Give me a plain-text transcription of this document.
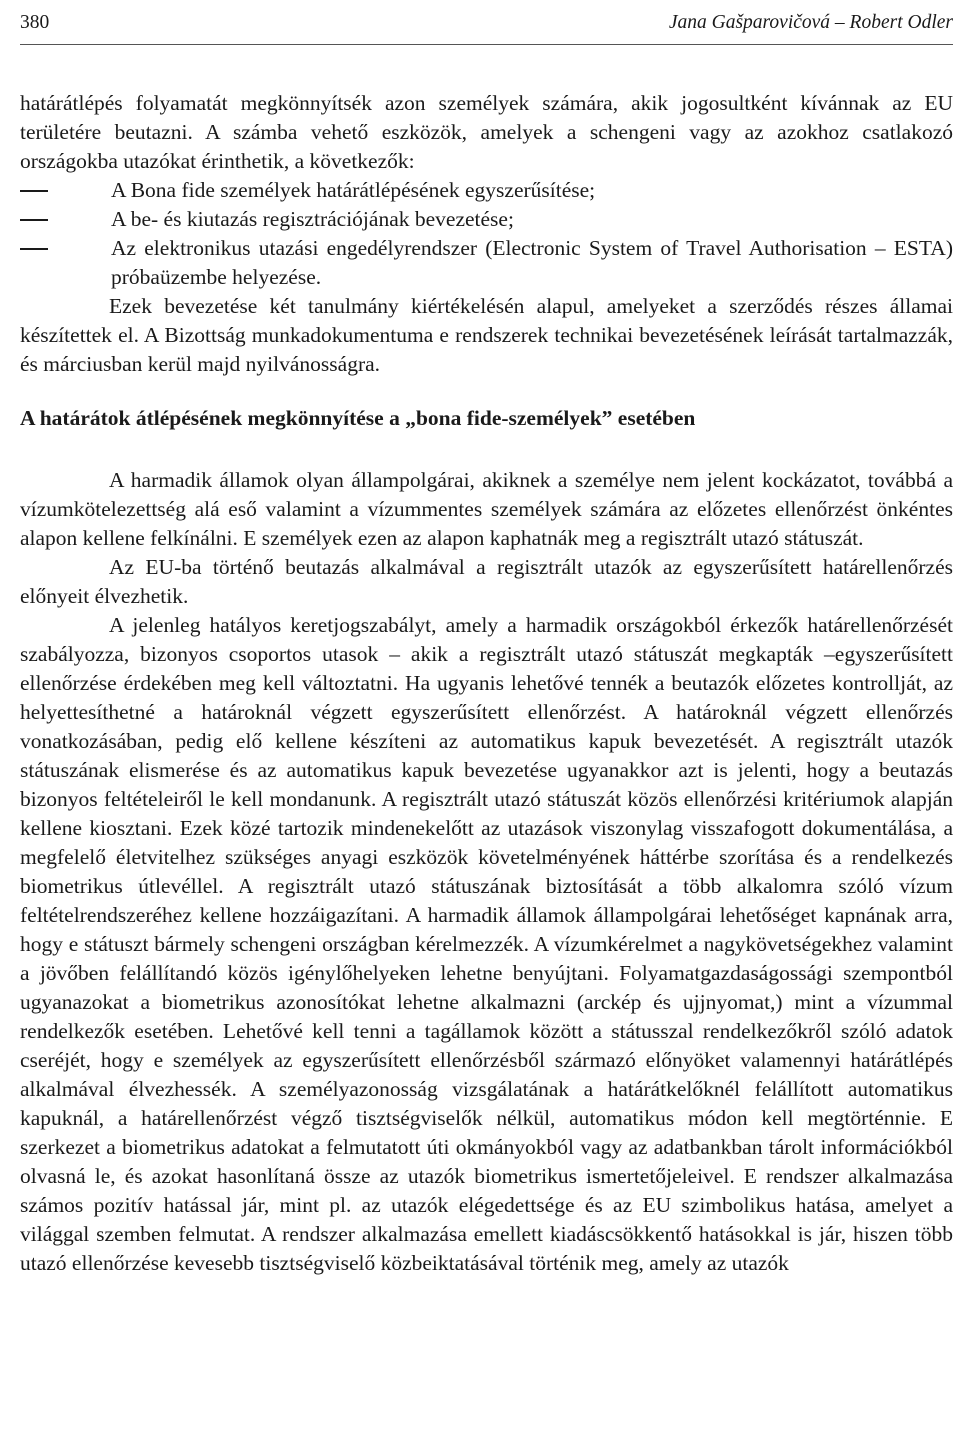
380	Jana Gašparovičová – Robert Odler

határátlépés folyamatát megkönnyítsék azon személyek számára, akik jogosultként kívánnak az EU területére beutazni. A számba vehető eszközök, amelyek a schengeni vagy az azokhoz csatlakozó országokba utazókat érinthetik, a következők:

A Bona fide személyek határátlépésének egyszerűsítése;
A be- és kiutazás regisztrációjának bevezetése;
Az elektronikus utazási engedélyrendszer (Electronic System of Travel Authorisation – ESTA) próbaüzembe helyezése.

Ezek bevezetése két tanulmány kiértékelésén alapul, amelyeket a szerződés részes államai készítettek el. A Bizottság munkadokumentuma e rendszerek technikai bevezetésének leírását tartalmazzák, és márciusban kerül majd nyilvánosságra.

A határátok átlépésének megkönnyítése a „bona fide-személyek” esetében

A harmadik államok olyan állampolgárai, akiknek a személye nem jelent kockázatot, továbbá a vízumkötelezettség alá eső valamint a vízummentes személyek számára az előzetes ellenőrzést önkéntes alapon kellene felkínálni. E személyek ezen az alapon kaphatnák meg a regisztrált utazó státuszát.

Az EU-ba történő beutazás alkalmával a regisztrált utazók az egyszerűsített határellenőrzés előnyeit élvezhetik.

A jelenleg hatályos keretjogszabályt, amely a harmadik országokból érkezők határellenőrzését szabályozza, bizonyos csoportos utasok – akik a regisztrált utazó státuszát megkapták –egyszerűsített ellenőrzése érdekében meg kell változtatni. Ha ugyanis lehetővé tennék a beutazók előzetes kontrollját, az helyettesíthetné a határoknál végzett egyszerűsített ellenőrzést. A határoknál végzett ellenőrzés vonatkozásában, pedig elő kellene készíteni az automatikus kapuk bevezetését. A regisztrált utazók státuszának elismerése és az automatikus kapuk bevezetése ugyanakkor azt is jelenti, hogy a beutazás bizonyos feltételeiről le kell mondanunk. A regisztrált utazó státuszát közös ellenőrzési kritériumok alapján kellene kiosztani. Ezek közé tartozik mindenekelőtt az utazások viszonylag visszafogott dokumentálása, a megfelelő életvitelhez szükséges anyagi eszközök követelményének háttérbe szorítása és a rendelkezés biometrikus útlevéllel. A regisztrált utazó státuszának biztosítását a több alkalomra szóló vízum feltételrendszeréhez kellene hozzáigazítani. A harmadik államok állampolgárai lehetőséget kapnának arra, hogy e státuszt bármely schengeni országban kérelmezzék. A vízumkérelmet a nagykövetségekhez valamint a jövőben felállítandó közös igénylőhelyeken lehetne benyújtani. Folyamatgazdaságossági szempontból ugyanazokat a biometrikus azonosítókat lehetne alkalmazni (arckép és ujjnyomat,) mint a vízummal rendelkezők esetében. Lehetővé kell tenni a tagállamok között a státusszal rendelkezőkről szóló adatok cseréjét, hogy e személyek az egyszerűsített ellenőrzésből származó előnyöket valamennyi határátlépés alkalmával élvezhessék. A személyazonosság vizsgálatának a határátkelőknél felállított automatikus kapuknál, a határellenőrzést végző tisztségviselők nélkül, automatikus módon kell megtörténnie. E szerkezet a biometrikus adatokat a felmutatott úti okmányokból vagy az adatbankban tárolt információkból olvasná le, és azokat hasonlítaná össze az utazók biometrikus ismertetőjeleivel. E rendszer alkalmazása számos pozitív hatással jár, mint pl. az utazók elégedettsége és az EU szimbolikus hatása, amelyet a világgal szemben felmutat. A rendszer alkalmazása emellett kiadáscsökkentő hatásokkal is jár, hiszen több utazó ellenőrzése kevesebb tisztségviselő közbeiktatásával történik meg, amely az utazók
